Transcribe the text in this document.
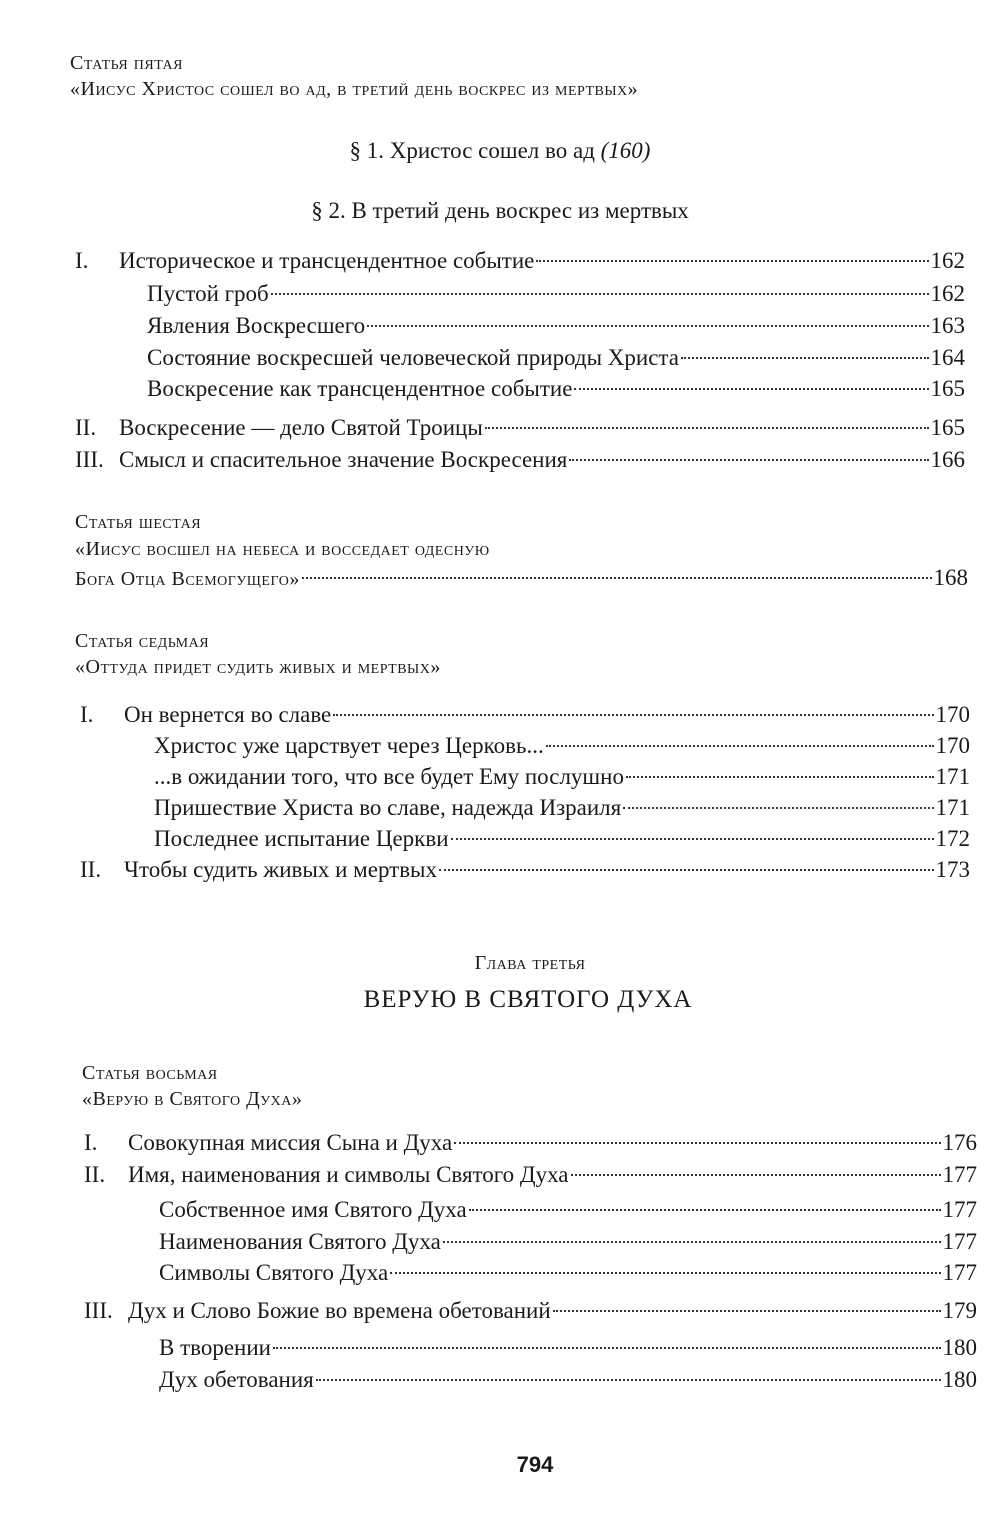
Статья пятая
«Иисус Христос сошел во ад, в третий день воскрес из мертвых»
§ 1. Христос сошел во ад (160)
§ 2. В третий день воскрес из мертвых
I.	Историческое и трансцендентное событие	162
Пустой гроб	162
Явления Воскресшего	163
Состояние воскресшей человеческой природы Христа	164
Воскресение как трансцендентное событие	165
II. Воскресение — дело Святой Троицы	165
III. Смысл и спасительное значение Воскресения	166
Статья шестая
«Иисус восшел на небеса и восседает одесную
Бога Отца Всемогущего»	168
Статья седьмая
«Оттуда придет судить живых и мертвых»
I.	Он вернется во славе	170
Христос уже царствует через Церковь...	170
...в ожидании того, что все будет Ему послушно	171
Пришествие Христа во славе, надежда Израиля	171
Последнее испытание Церкви	172
II. Чтобы судить живых и мертвых	173
Глава третья
ВЕРУЮ В СВЯТОГО ДУХА
Статья восьмая
«Верую в Святого Духа»
I.	Совокупная миссия Сына и Духа	176
II. Имя, наименования и символы Святого Духа	177
Собственное имя Святого Духа	177
Наименования Святого Духа	177
Символы Святого Духа	177
III. Дух и Слово Божие во времена обетований	179
В творении	180
Дух обетования	180
794
